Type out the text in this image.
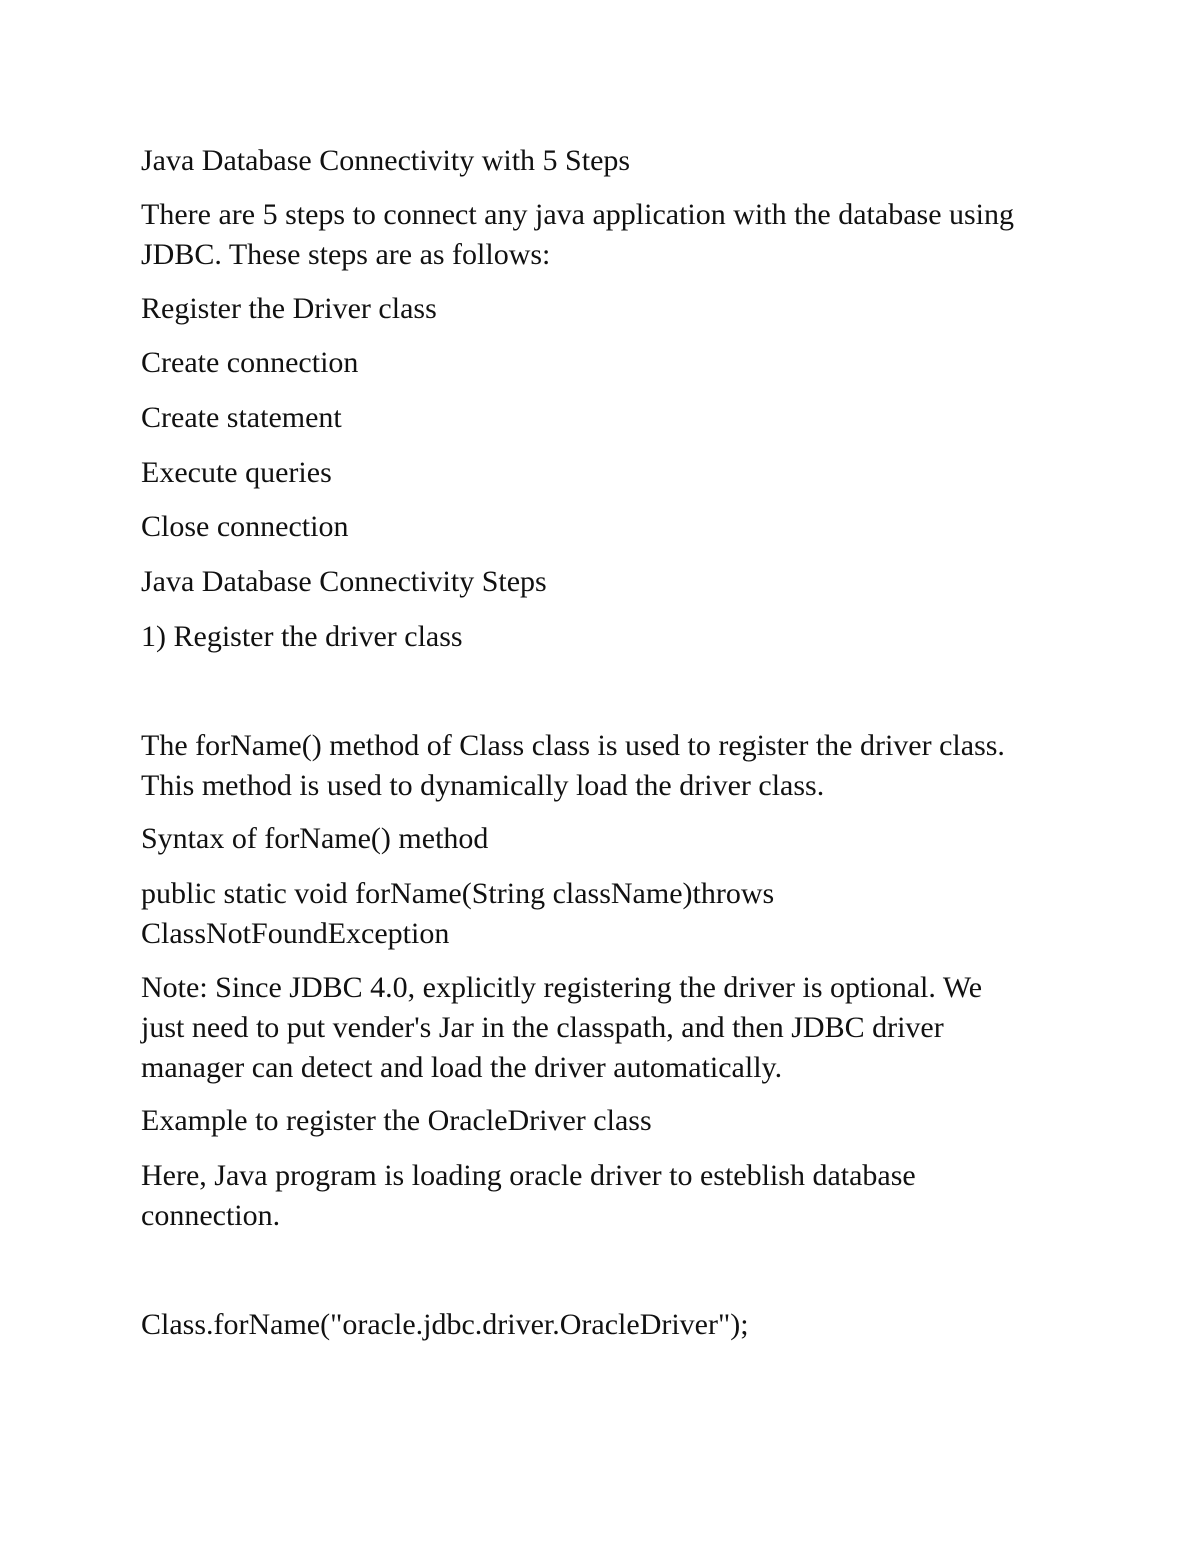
Java Database Connectivity with 5 Steps

There are 5 steps to connect any java application with the database using

JDBC. These steps are as follows:

Register the Driver class

Create connection

Create statement

Execute queries

Close connection

Java Database Connectivity Steps

1) Register the driver class

The forName() method of Class class is used to register the driver class.

This method is used to dynamically load the driver class.

Syntax of forName() method

public static void forName(String className)throws

ClassNotFoundException

Note: Since JDBC 4.0, explicitly registering the driver is optional. We

just need to put vender's Jar in the classpath, and then JDBC driver

manager can detect and load the driver automatically.

Example to register the OracleDriver class

Here, Java program is loading oracle driver to esteblish database

connection.

Class.forName("oracle.jdbc.driver.OracleDriver");
